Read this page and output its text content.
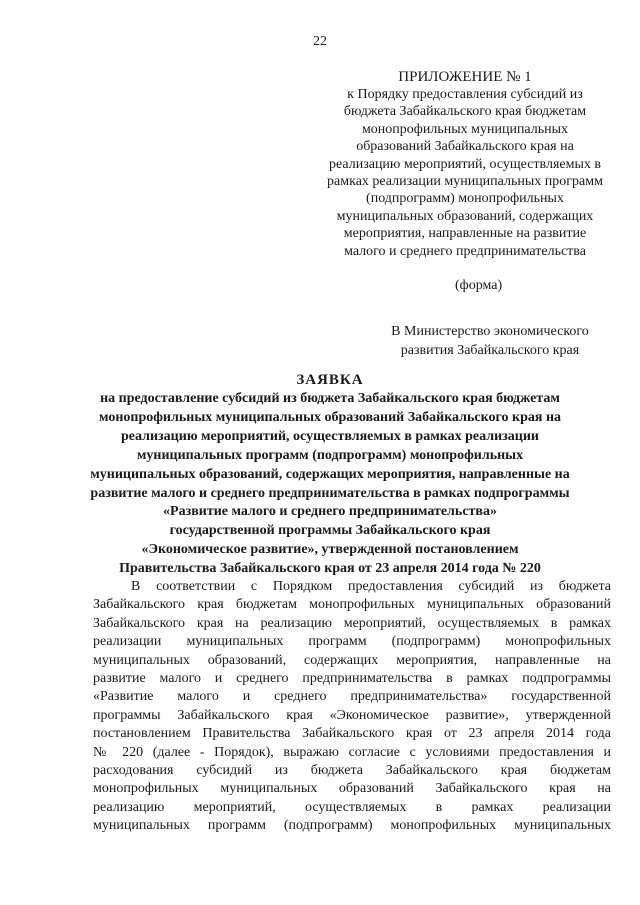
22
ПРИЛОЖЕНИЕ № 1
к Порядку предоставления субсидий из
бюджета Забайкальского края бюджетам
монопрофильных муниципальных
образований Забайкальского края на
реализацию мероприятий, осуществляемых в
рамках реализации муниципальных программ
(подпрограмм) монопрофильных
муниципальных образований, содержащих
мероприятия, направленные на развитие
малого и среднего предпринимательства
(форма)
В Министерство экономического
развития Забайкальского края
ЗАЯВКА
на предоставление субсидий из бюджета Забайкальского края бюджетам
монопрофильных муниципальных образований Забайкальского края на
реализацию мероприятий, осуществляемых в рамках реализации
муниципальных программ (подпрограмм) монопрофильных
муниципальных образований, содержащих мероприятия, направленные на
развитие малого и среднего предпринимательства в рамках подпрограммы
«Развитие малого и среднего предпринимательства»
государственной программы Забайкальского края
«Экономическое развитие», утвержденной постановлением
Правительства Забайкальского края от 23 апреля 2014 года № 220
В соответствии с Порядком предоставления субсидий из бюджета
Забайкальского края бюджетам монопрофильных муниципальных образований
Забайкальского края на реализацию мероприятий, осуществляемых в рамках
реализации муниципальных программ (подпрограмм) монопрофильных
муниципальных образований, содержащих мероприятия, направленные на
развитие малого и среднего предпринимательства в рамках подпрограммы
«Развитие малого и среднего предпринимательства» государственной
программы Забайкальского края «Экономическое развитие», утвержденной
постановлением Правительства Забайкальского края от 23 апреля 2014 года
№ 220 (далее - Порядок), выражаю согласие с условиями предоставления и
расходования субсидий из бюджета Забайкальского края бюджетам
монопрофильных муниципальных образований Забайкальского края на
реализацию мероприятий, осуществляемых в рамках реализации
муниципальных программ (подпрограмм) монопрофильных муниципальных
